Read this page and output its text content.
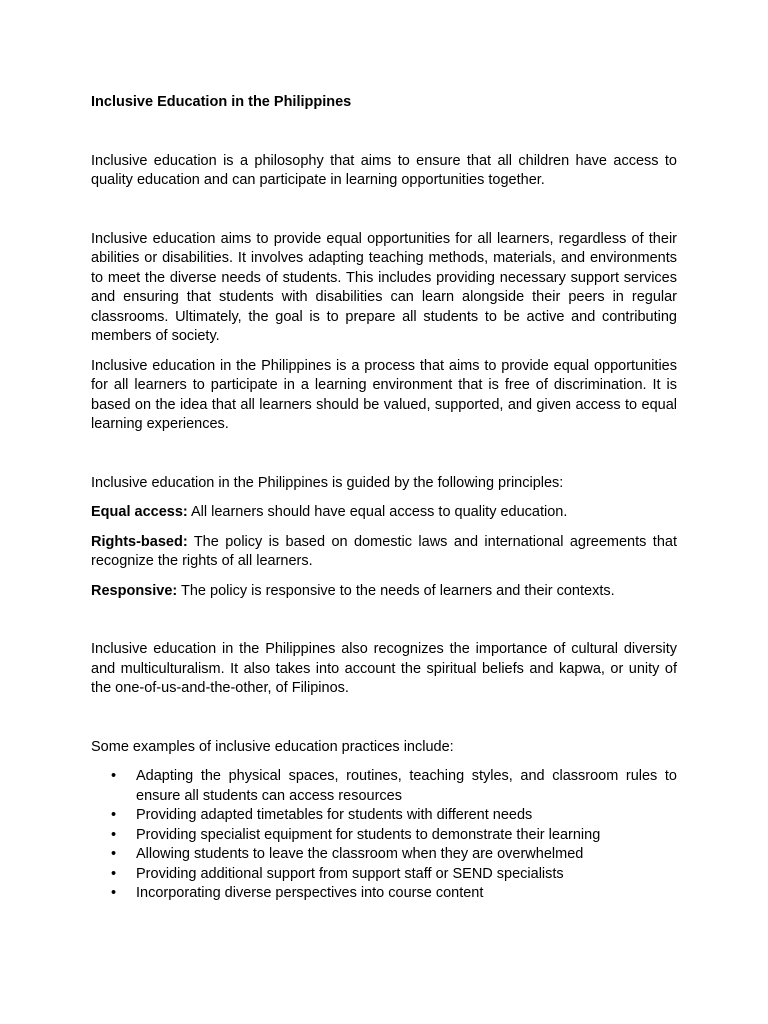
Inclusive Education in the Philippines

Inclusive education is a philosophy that aims to ensure that all children have access to quality education and can participate in learning opportunities together.

Inclusive education aims to provide equal opportunities for all learners, regardless of their abilities or disabilities. It involves adapting teaching methods, materials, and environments to meet the diverse needs of students. This includes providing necessary support services and ensuring that students with disabilities can learn alongside their peers in regular classrooms. Ultimately, the goal is to prepare all students to be active and contributing members of society.

Inclusive education in the Philippines is a process that aims to provide equal opportunities for all learners to participate in a learning environment that is free of discrimination. It is based on the idea that all learners should be valued, supported, and given access to equal learning experiences.

Inclusive education in the Philippines is guided by the following principles:

Equal access: All learners should have equal access to quality education.

Rights-based: The policy is based on domestic laws and international agreements that recognize the rights of all learners.

Responsive: The policy is responsive to the needs of learners and their contexts.

Inclusive education in the Philippines also recognizes the importance of cultural diversity and multiculturalism. It also takes into account the spiritual beliefs and kapwa, or unity of the one-of-us-and-the-other, of Filipinos.

Some examples of inclusive education practices include:

• Adapting the physical spaces, routines, teaching styles, and classroom rules to ensure all students can access resources
• Providing adapted timetables for students with different needs
• Providing specialist equipment for students to demonstrate their learning
• Allowing students to leave the classroom when they are overwhelmed
• Providing additional support from support staff or SEND specialists
• Incorporating diverse perspectives into course content
